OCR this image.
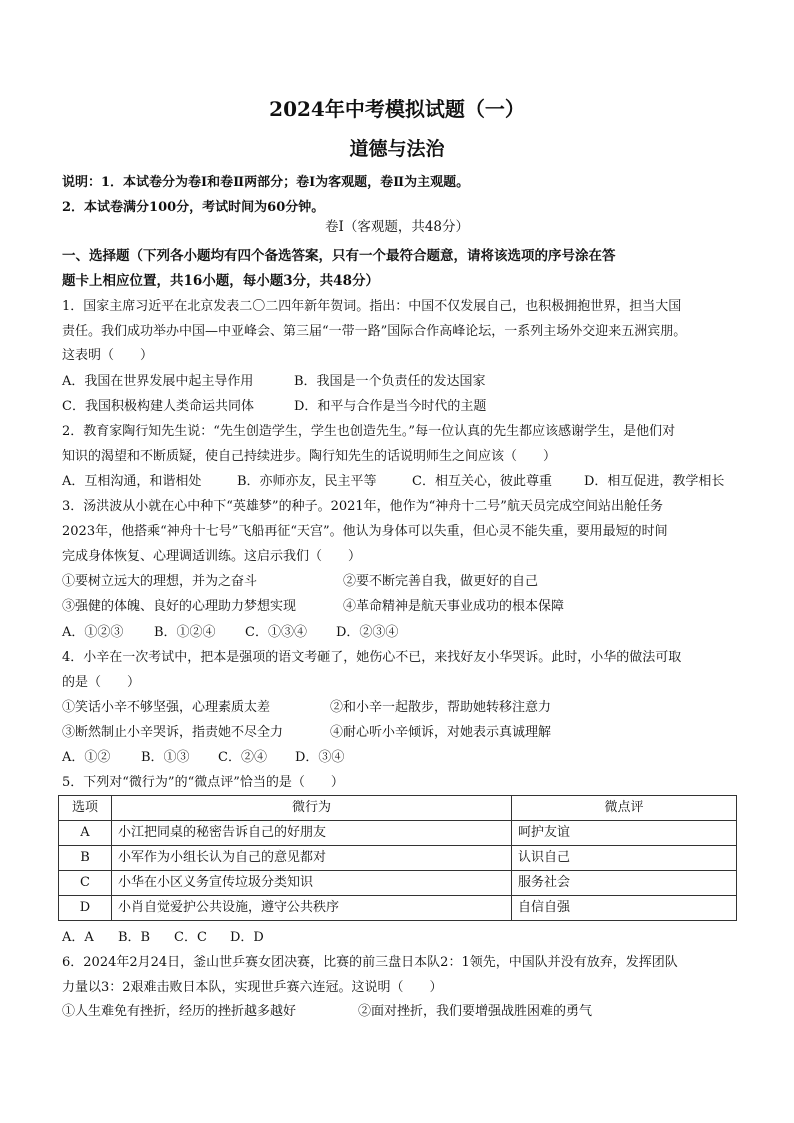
2024年中考模拟试题（一）
道德与法治
说明：1．本试卷分为卷Ⅰ和卷Ⅱ两部分；卷Ⅰ为客观题，卷Ⅱ为主观题。
2．本试卷满分100分，考试时间为60分钟。
卷Ⅰ（客观题，共48分）
一、选择题（下列各小题均有四个备选答案，只有一个最符合题意，请将该选项的序号涂在答
题卡上相应位置，共16小题，每小题3分，共48分）
1．国家主席习近平在北京发表二〇二四年新年贺词。指出：中国不仅发展自己，也积极拥抱世界，担当大国
责任。我们成功举办中国—中亚峰会、第三届“一带一路”国际合作高峰论坛，一系列主场外交迎来五洲宾朋。
这表明（　　）
A．我国在世界发展中起主导作用	B．我国是一个负责任的发达国家
C．我国积极构建人类命运共同体	D．和平与合作是当今时代的主题
2．教育家陶行知先生说：“先生创造学生，学生也创造先生。”每一位认真的先生都应该感谢学生，是他们对
知识的渴望和不断质疑，使自己持续进步。陶行知先生的话说明师生之间应该（　　）
A．互相沟通，和谐相处	B．亦师亦友，民主平等	C．相互关心，彼此尊重 D．相互促进，教学相长
3．汤洪波从小就在心中种下“英雄梦”的种子。2021年，他作为“神舟十二号”航天员完成空间站出舱任务
2023年，他搭乘“神舟十七号”飞船再征“天宫”。他认为身体可以失重，但心灵不能失重，要用最短的时间
完成身体恢复、心理调适训练。这启示我们（　　）
①要树立远大的理想，并为之奋斗	②要不断完善自我，做更好的自己
③强健的体魄、良好的心理助力梦想实现	④革命精神是航天事业成功的根本保障
A．①②③ B．①②④ C．①③④ D．②③④
4．小辛在一次考试中，把本是强项的语文考砸了，她伤心不已，来找好友小华哭诉。此时，小华的做法可取
的是（　　）
①笑话小辛不够坚强，心理素质太差	②和小辛一起散步，帮助她转移注意力
③断然制止小辛哭诉，指责她不尽全力	④耐心听小辛倾诉，对她表示真诚理解
A．①② B．①③ C．②④ D．③④
5．下列对“微行为”的“微点评”恰当的是（　　）
选项	微行为	微点评
A	小江把同桌的秘密告诉自己的好朋友	呵护友谊
B	小军作为小组长认为自己的意见都对	认识自己
C	小华在小区义务宣传垃圾分类知识	服务社会
D	小肖自觉爱护公共设施，遵守公共秩序	自信自强
A．A B．B C．C D．D
6．2024年2月24日，釜山世乒赛女团决赛，比赛的前三盘日本队2：1领先，中国队并没有放弃，发挥团队
力量以3：2艰难击败日本队，实现世乒赛六连冠。这说明（　　）
①人生难免有挫折，经历的挫折越多越好	②面对挫折，我们要增强战胜困难的勇气
